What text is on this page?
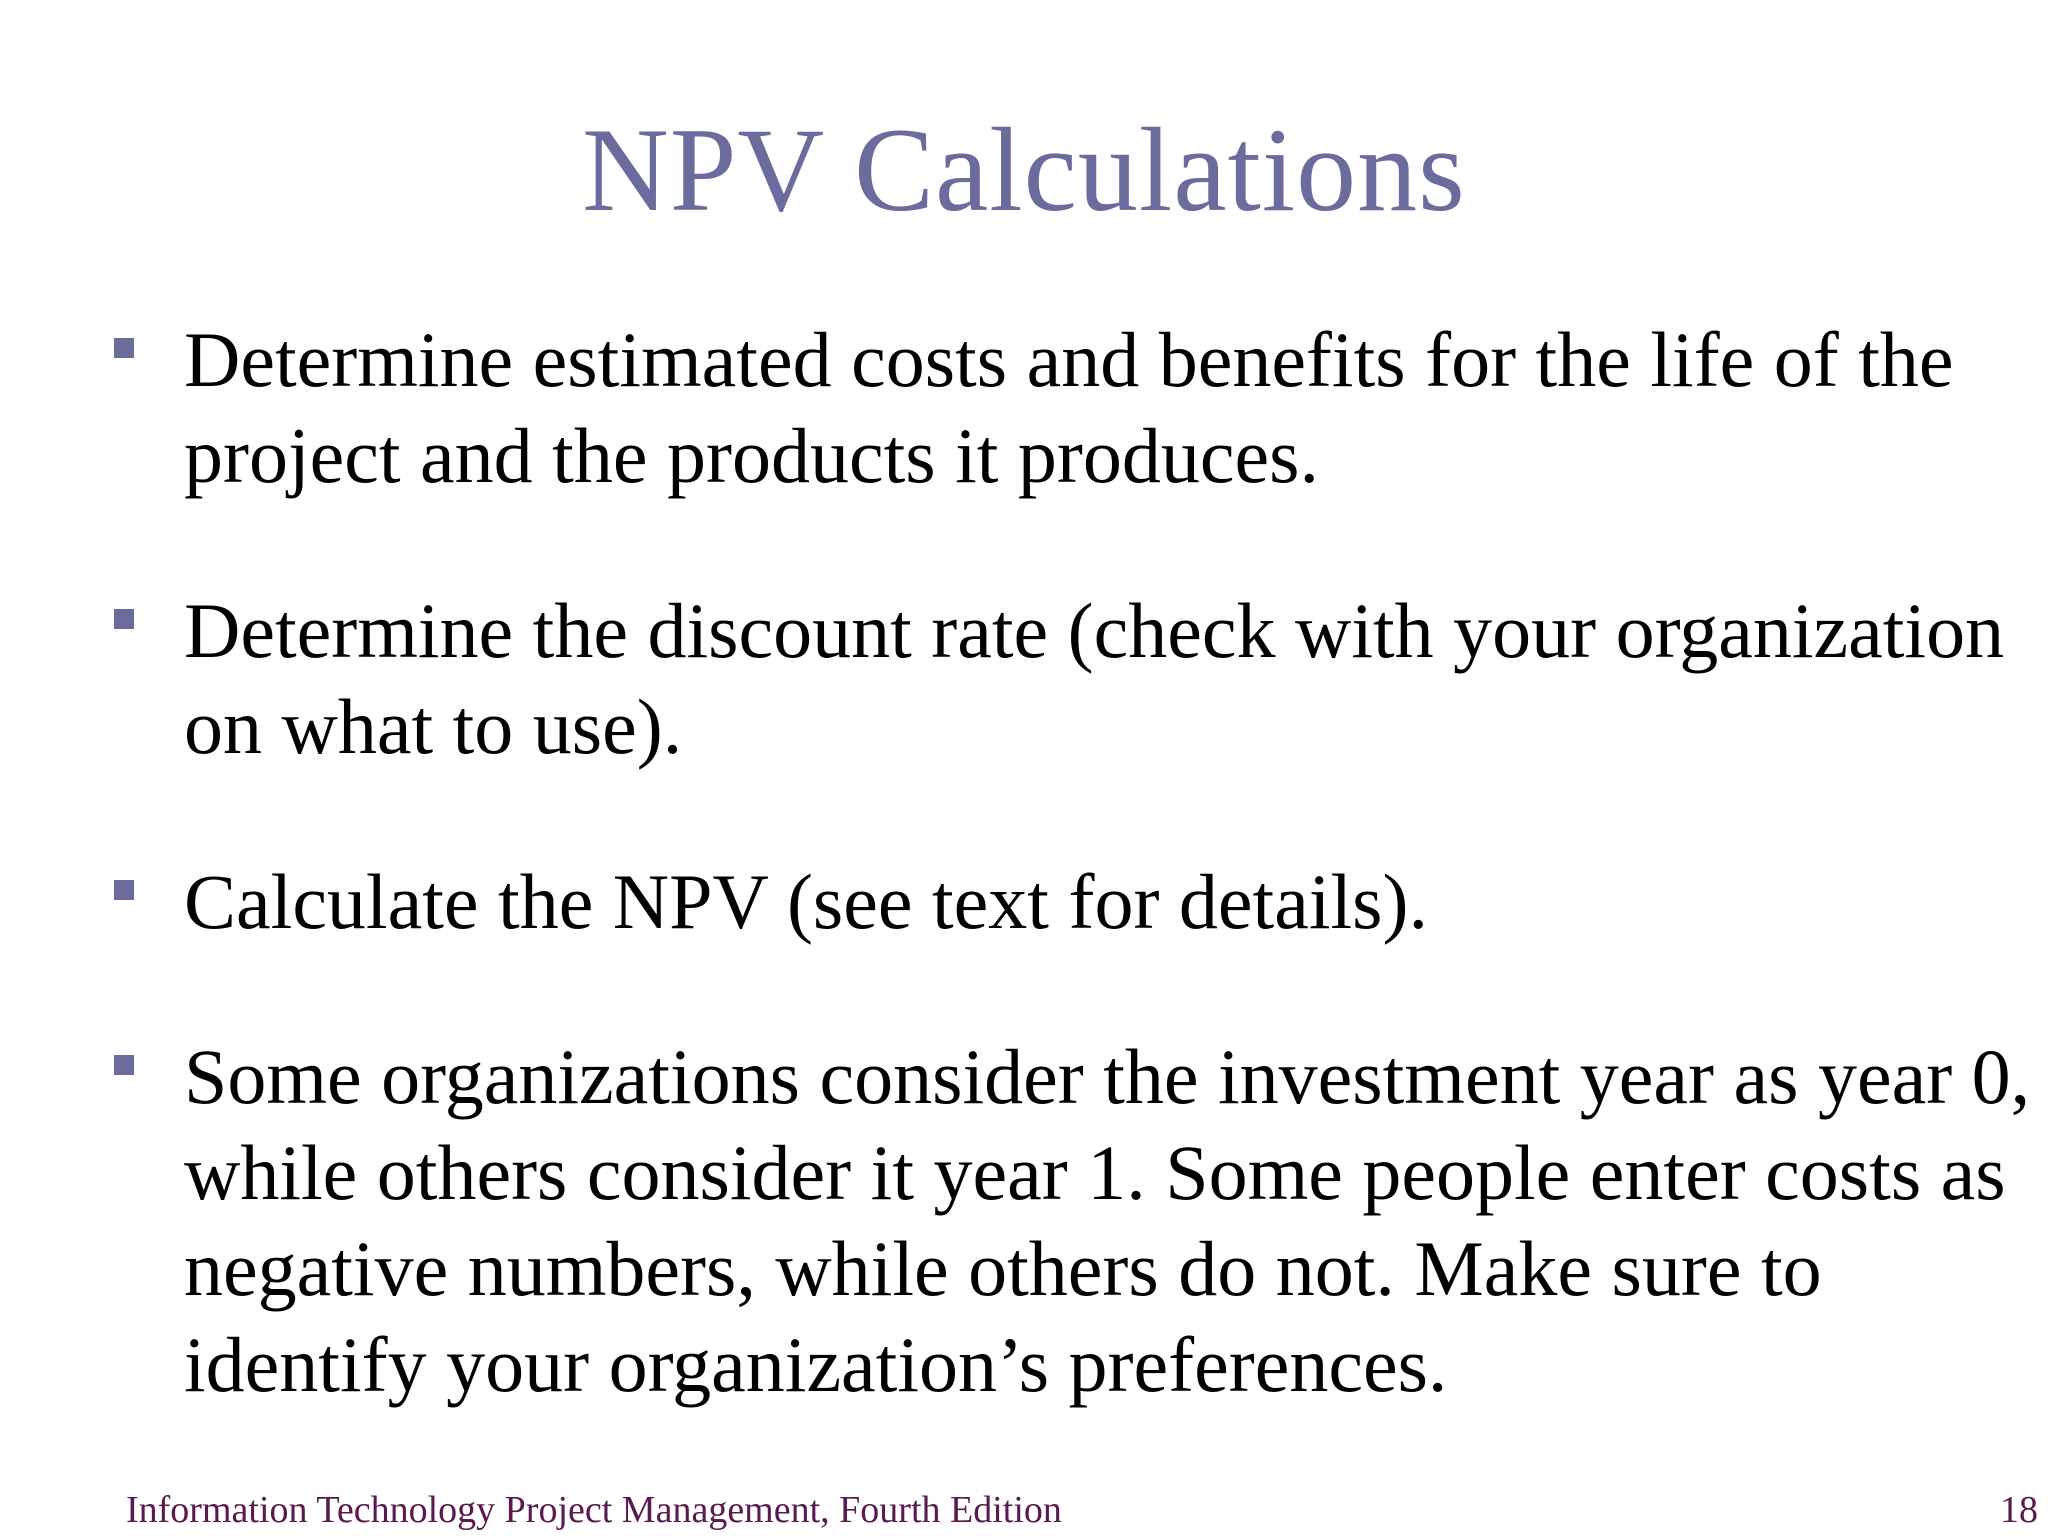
NPV Calculations
Determine estimated costs and benefits for the life of the project and the products it produces.
Determine the discount rate (check with your organization on what to use).
Calculate the NPV (see text for details).
Some organizations consider the investment year as year 0, while others consider it year 1. Some people enter costs as negative numbers, while others do not. Make sure to identify your organization’s preferences.
Information Technology Project Management, Fourth Edition	18
